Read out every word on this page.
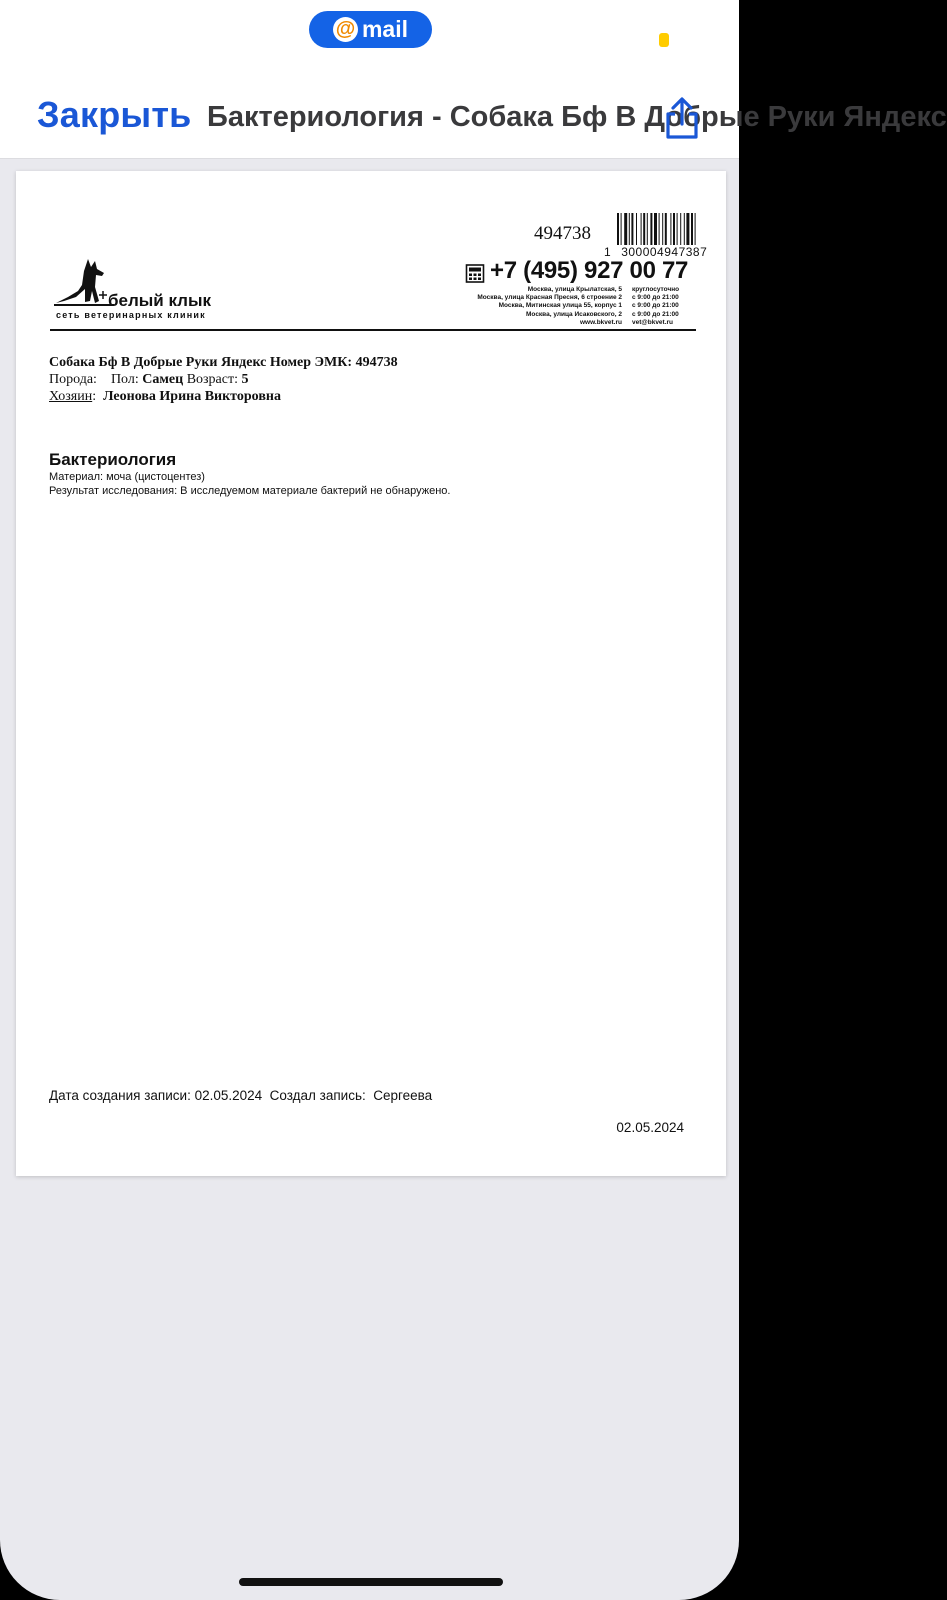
@ mail
Закрыть Бактериология - Собака Бф В Добрые Руки Яндекс
494738
1 300004947387
белый клык
сеть ветеринарных клиник
+7 (495) 927 00 77
Москва, улица Крылатская, 5	круглосуточно
Москва, улица Красная Пресня, 6 строение 2	с 9:00 до 21:00
Москва, Митинская улица 55, корпус 1	с 9:00 до 21:00
Москва, улица Исаковского, 2	с 9:00 до 21:00
www.bkvet.ru	vet@bkvet.ru
Собака Бф В Добрые Руки Яндекс Номер ЭМК: 494738
Порода: Пол: Самец Возраст: 5
Хозяин:  Леонова Ирина Викторовна
Бактериология
Материал: моча (цистоцентез)
Результат исследования: В исследуемом материале бактерий не обнаружено.
Дата создания записи: 02.05.2024  Создал запись:  Сергеева
02.05.2024
